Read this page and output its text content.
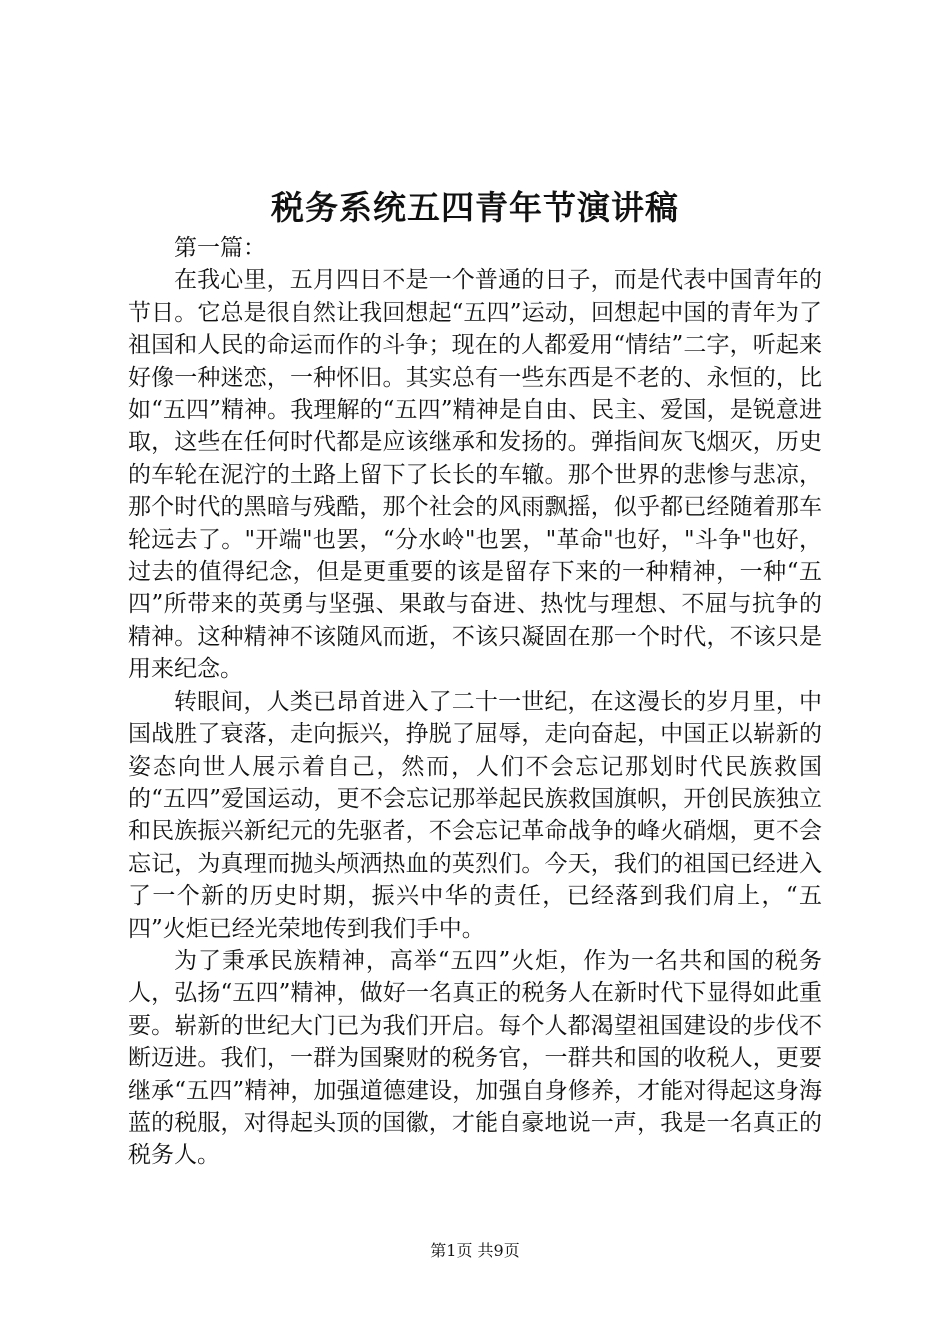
税务系统五四青年节演讲稿

第一篇：

在我心里，五月四日不是一个普通的日子，而是代表中国青年的节日。它总是很自然让我回想起“五四”运动，回想起中国的青年为了祖国和人民的命运而作的斗争；现在的人都爱用“情结”二字，听起来好像一种迷恋，一种怀旧。其实总有一些东西是不老的、永恒的，比如“五四”精神。我理解的“五四”精神是自由、民主、爱国，是锐意进取，这些在任何时代都是应该继承和发扬的。弹指间灰飞烟灭，历史的车轮在泥泞的土路上留下了长长的车辙。那个世界的悲惨与悲凉，那个时代的黑暗与残酷，那个社会的风雨飘摇，似乎都已经随着那车轮远去了。"开端"也罢，“分水岭"也罢，"革命"也好，"斗争"也好，过去的值得纪念，但是更重要的该是留存下来的一种精神，一种“五四”所带来的英勇与坚强、果敢与奋进、热忱与理想、不屈与抗争的精神。这种精神不该随风而逝，不该只凝固在那一个时代，不该只是用来纪念。

转眼间，人类已昂首进入了二十一世纪，在这漫长的岁月里，中国战胜了衰落，走向振兴，挣脱了屈辱，走向奋起，中国正以崭新的姿态向世人展示着自己，然而，人们不会忘记那划时代民族救国的“五四”爱国运动，更不会忘记那举起民族救国旗帜，开创民族独立和民族振兴新纪元的先驱者，不会忘记革命战争的峰火硝烟，更不会忘记，为真理而抛头颅洒热血的英烈们。今天，我们的祖国已经进入了一个新的历史时期，振兴中华的责任，已经落到我们肩上，“五四”火炬已经光荣地传到我们手中。

为了秉承民族精神，高举“五四”火炬，作为一名共和国的税务人，弘扬“五四”精神，做好一名真正的税务人在新时代下显得如此重要。崭新的世纪大门已为我们开启。每个人都渴望祖国建设的步伐不断迈进。我们，一群为国聚财的税务官，一群共和国的收税人，更要继承“五四”精神，加强道德建设，加强自身修养，才能对得起这身海蓝的税服，对得起头顶的国徽，才能自豪地说一声，我是一名真正的税务人。

第1页 共9页
